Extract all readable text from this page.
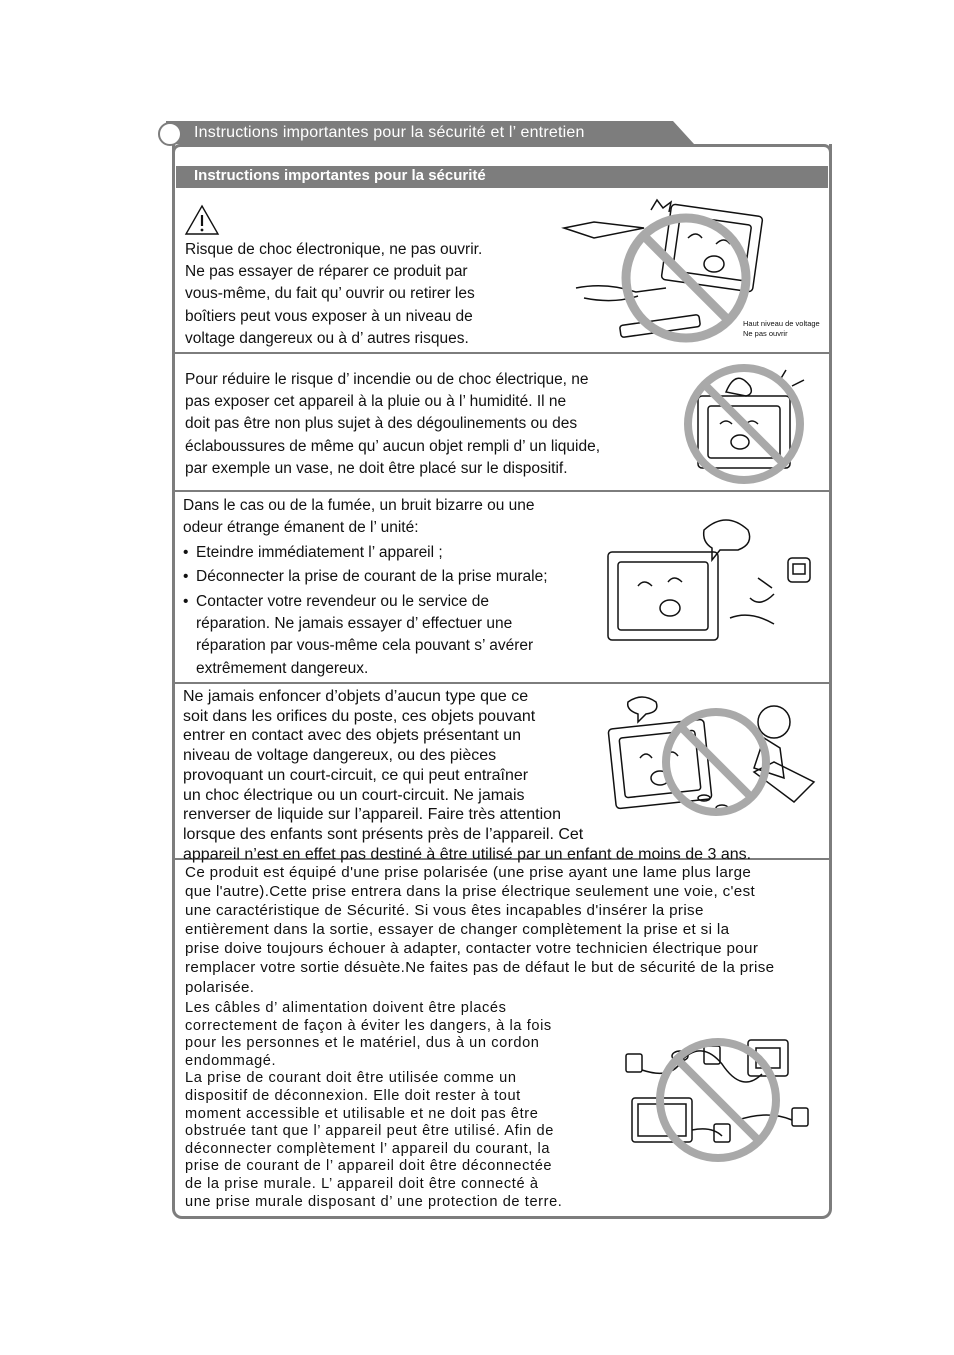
Instructions importantes pour la sécurité et l’ entretien
Instructions importantes pour la sécurité
Risque de choc électronique, ne pas ouvrir.
Ne pas essayer de réparer ce produit par
vous-même, du fait qu’ ouvrir ou retirer les
boîtiers peut vous exposer à un niveau de
voltage dangereux ou à d’ autres risques.
Haut niveau de voltage
Ne pas ouvrir
Pour réduire le risque d’ incendie ou de choc électrique, ne
pas exposer cet appareil à la pluie ou à l’ humidité. Il ne
doit pas être non plus sujet à des dégoulinements ou des
éclaboussures de même qu’ aucun objet rempli d’ un liquide,
par exemple un vase, ne doit être placé sur le dispositif.
Dans le cas ou de la fumée, un bruit bizarre ou une
odeur étrange émanent de l’ unité:
• Eteindre immédiatement l’ appareil ;
• Déconnecter la prise de courant de la prise murale;
• Contacter votre revendeur ou le service de
réparation. Ne jamais essayer d’ effectuer une
réparation par vous-même cela pouvant s’ avérer
extrêmement dangereux.
Ne jamais enfoncer d’objets d’aucun type que ce
soit dans les orifices du poste, ces objets pouvant
entrer en contact avec des objets présentant un
niveau de voltage dangereux, ou des pièces
provoquant un court-circuit, ce qui peut entraîner
un choc électrique ou un court-circuit. Ne jamais
renverser de liquide sur l’appareil. Faire très attention
lorsque des enfants sont présents près de l’appareil. Cet
appareil n’est en effet pas destiné à être utilisé par un enfant de moins de 3 ans.
Ce produit est équipé d'une prise polarisée (une prise ayant une lame plus large
que l'autre).Cette prise entrera dans la prise électrique seulement une voie, c'est
une caractéristique de Sécurité. Si vous êtes incapables d'insérer la prise
entièrement dans la sortie, essayer de changer complètement la prise et si la
prise doive toujours échouer à adapter, contacter votre technicien électrique pour
remplacer votre sortie désuète.Ne faites pas de défaut le but de sécurité de la prise
polarisée.
Les câbles d’ alimentation doivent être placés
correctement de façon à éviter les dangers, à la fois
pour les personnes et le matériel, dus à un cordon
endommagé.
La prise de courant doit être utilisée comme un
dispositif de déconnexion. Elle doit rester à tout
moment accessible et utilisable et ne doit pas être
obstruée tant que l’ appareil peut être utilisé. Afin de
déconnecter complètement l’ appareil du courant, la
prise de courant de l’ appareil doit être déconnectée
de la prise murale. L’ appareil doit être connecté à
une prise murale disposant d’ une protection de terre.
